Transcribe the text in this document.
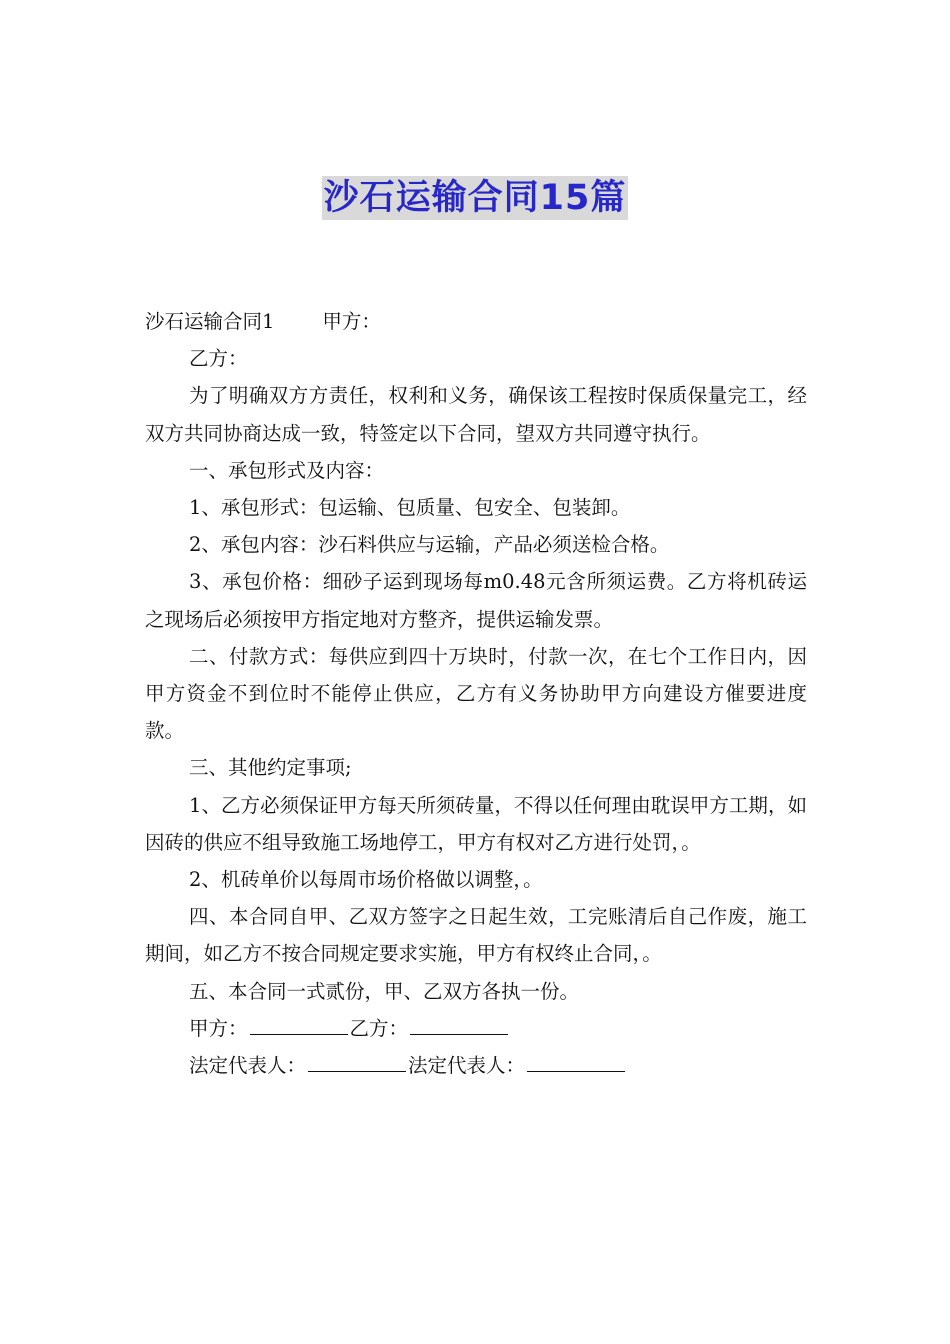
沙石运输合同15篇

沙石运输合同1 甲方：

乙方：

为了明确双方方责任，权利和义务，确保该工程按时保质保量完工，经双方共同协商达成一致，特签定以下合同，望双方共同遵守执行。

一、承包形式及内容：

1、承包形式：包运输、包质量、包安全、包装卸。

2、承包内容：沙石料供应与运输，产品必须送检合格。

3、承包价格：细砂子运到现场每m0.48元含所须运费。乙方将机砖运之现场后必须按甲方指定地对方整齐，提供运输发票。

二、付款方式：每供应到四十万块时，付款一次，在七个工作日内，因甲方资金不到位时不能停止供应，乙方有义务协助甲方向建设方催要进度款。

三、其他约定事项;

1、乙方必须保证甲方每天所须砖量，不得以任何理由耽误甲方工期，如因砖的供应不组导致施工场地停工，甲方有权对乙方进行处罚，。

2、机砖单价以每周市场价格做以调整，。

四、本合同自甲、乙双方签字之日起生效，工完账清后自己作废，施工期间，如乙方不按合同规定要求实施，甲方有权终止合同，。

五、本合同一式贰份，甲、乙双方各执一份。

甲方：	乙方：

法定代表人：	法定代表人：
